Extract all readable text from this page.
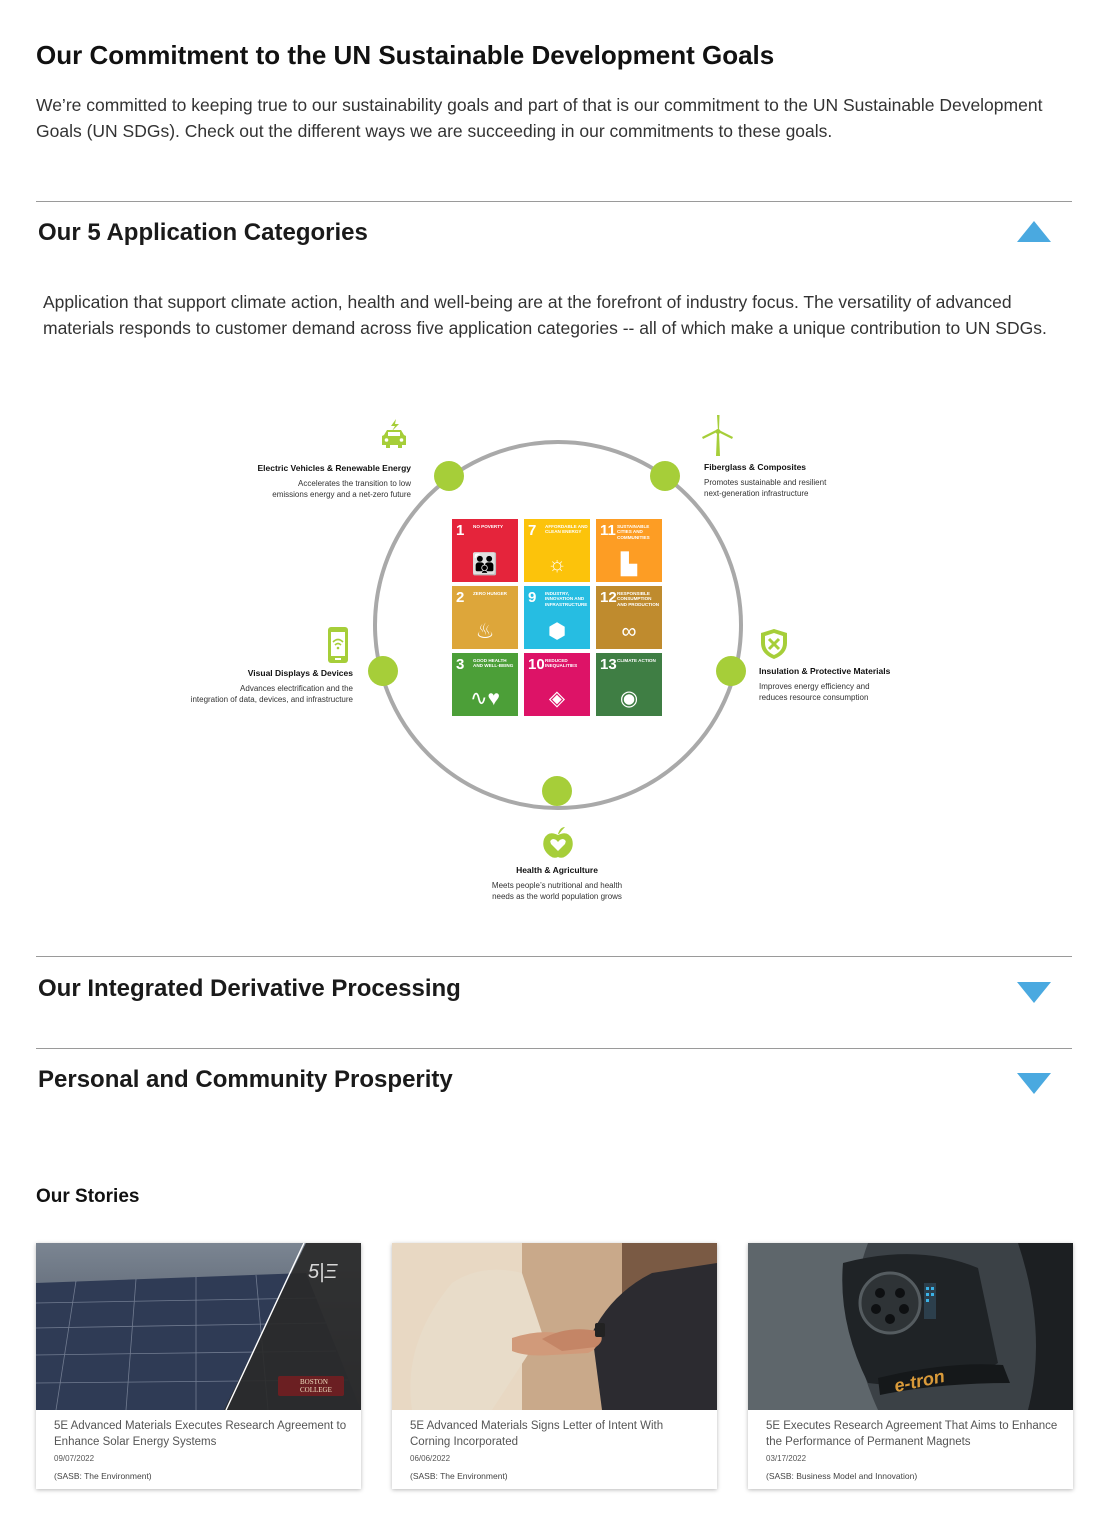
Our Commitment to the UN Sustainable Development Goals

We’re committed to keeping true to our sustainability goals and part of that is our commitment to the UN Sustainable Development Goals (UN SDGs). Check out the different ways we are succeeding in our commitments to these goals.

Our 5 Application Categories

Application that support climate action, health and well-being are at the forefront of industry focus. The versatility of advanced materials responds to customer demand across five application categories -- all of which make a unique contribution to UN SDGs.

Electric Vehicles & Renewable Energy
Accelerates the transition to low
emissions energy and a net-zero future
Fiberglass & Composites
Promotes sustainable and resilient
next-generation infrastructure
Visual Displays & Devices
Advances electrification and the
integration of data, devices, and infrastructure
Insulation & Protective Materials
Improves energy efficiency and
reduces resource consumption
Health & Agriculture
Meets people’s nutritional and health
needs as the world population grows
1 NO POVERTY
👪
7 AFFORDABLE AND CLEAN ENERGY
☼
11 SUSTAINABLE CITIES AND COMMUNITIES
▙
2 ZERO HUNGER
♨
9 INDUSTRY, INNOVATION AND INFRASTRUCTURE
⬢
12 RESPONSIBLE CONSUMPTION AND PRODUCTION
∞
3 GOOD HEALTH AND WELL-BEING
∿♥
10 REDUCED INEQUALITIES
◈
13 CLIMATE ACTION
◉
Our Integrated Derivative Processing
Personal and Community Prosperity
Our Stories
5|Ξ
BOSTON COLLEGE
5E Advanced Materials Executes Research Agreement to Enhance Solar Energy Systems
09/07/2022
(SASB: The Environment)
5E Advanced Materials Signs Letter of Intent With Corning Incorporated
06/06/2022
(SASB: The Environment)
e-tron
5E Executes Research Agreement That Aims to Enhance the Performance of Permanent Magnets
03/17/2022
(SASB: Business Model and Innovation)
